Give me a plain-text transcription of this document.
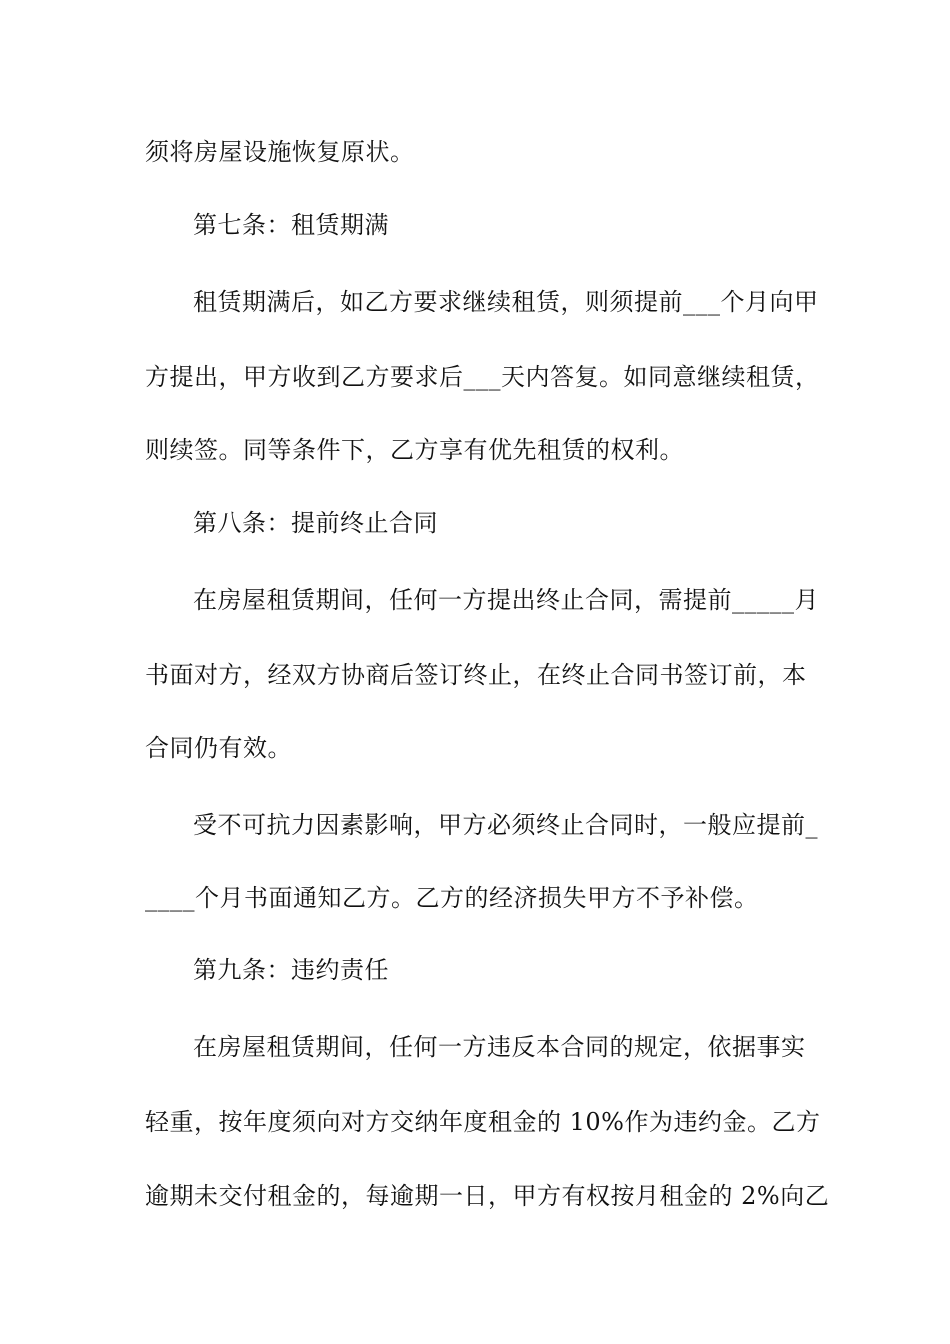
须将房屋设施恢复原状。
第七条：租赁期满
租赁期满后，如乙方要求继续租赁，则须提前___个月向甲
方提出，甲方收到乙方要求后___天内答复。如同意继续租赁，
则续签。同等条件下，乙方享有优先租赁的权利。
第八条：提前终止合同
在房屋租赁期间，任何一方提出终止合同，需提前_____月
书面对方，经双方协商后签订终止，在终止合同书签订前，本
合同仍有效。
受不可抗力因素影响，甲方必须终止合同时，一般应提前_
____个月书面通知乙方。乙方的经济损失甲方不予补偿。
第九条：违约责任
在房屋租赁期间，任何一方违反本合同的规定，依据事实
轻重，按年度须向对方交纳年度租金的 10%作为违约金。乙方
逾期未交付租金的，每逾期一日，甲方有权按月租金的 2%向乙
